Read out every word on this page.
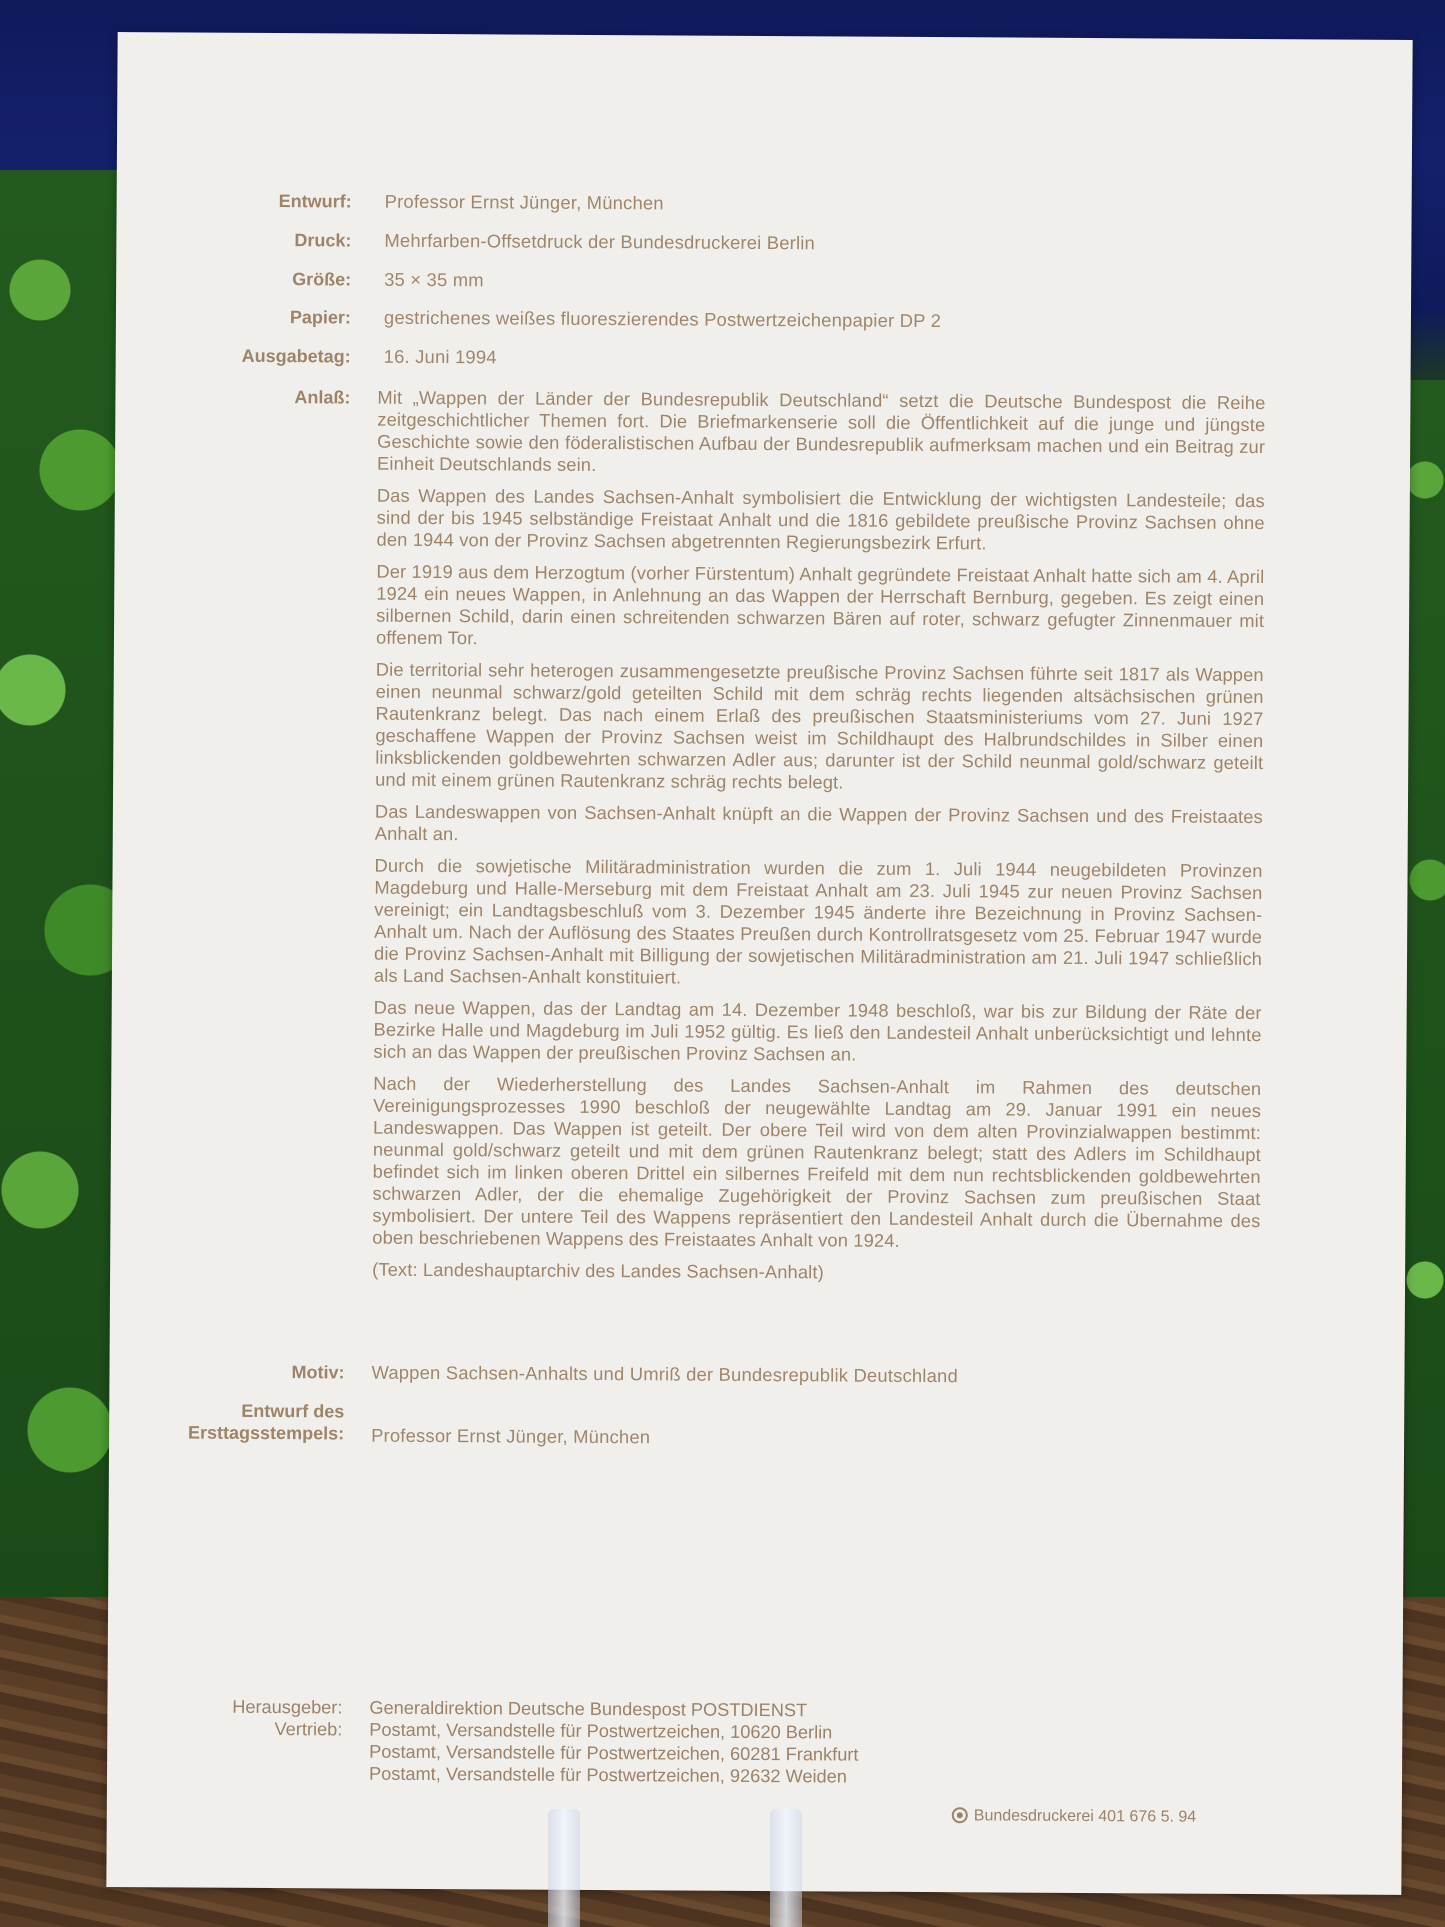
Entwurf: Professor Ernst Jünger, München
Druck: Mehrfarben-Offsetdruck der Bundesdruckerei Berlin
Größe: 35 × 35 mm
Papier: gestrichenes weißes fluoreszierendes Postwertzeichenpapier DP 2
Ausgabetag: 16. Juni 1994
Anlaß: Mit „Wappen der Länder der Bundesrepublik Deutschland“ setzt die Deutsche Bundespost die Reihe zeitgeschichtlicher Themen fort. Die Briefmarkenserie soll die Öffentlichkeit auf die junge und jüngste Geschichte sowie den föderalistischen Aufbau der Bundesrepublik aufmerksam machen und ein Beitrag zur Einheit Deutschlands sein.

Das Wappen des Landes Sachsen-Anhalt symbolisiert die Entwicklung der wichtigsten Landesteile; das sind der bis 1945 selbständige Freistaat Anhalt und die 1816 gebildete preußische Provinz Sachsen ohne den 1944 von der Provinz Sachsen abgetrennten Regierungsbezirk Erfurt.

Der 1919 aus dem Herzogtum (vorher Fürstentum) Anhalt gegründete Freistaat Anhalt hatte sich am 4. April 1924 ein neues Wappen, in Anlehnung an das Wappen der Herrschaft Bernburg, gegeben. Es zeigt einen silbernen Schild, darin einen schreitenden schwarzen Bären auf roter, schwarz gefugter Zinnenmauer mit offenem Tor.

Die territorial sehr heterogen zusammengesetzte preußische Provinz Sachsen führte seit 1817 als Wappen einen neunmal schwarz/gold geteilten Schild mit dem schräg rechts liegenden altsächsischen grünen Rautenkranz belegt. Das nach einem Erlaß des preußischen Staatsministeriums vom 27. Juni 1927 geschaffene Wappen der Provinz Sachsen weist im Schildhaupt des Halbrundschildes in Silber einen linksblickenden goldbewehrten schwarzen Adler aus; darunter ist der Schild neunmal gold/schwarz geteilt und mit einem grünen Rautenkranz schräg rechts belegt.

Das Landeswappen von Sachsen-Anhalt knüpft an die Wappen der Provinz Sachsen und des Freistaates Anhalt an.

Durch die sowjetische Militäradministration wurden die zum 1. Juli 1944 neugebildeten Provinzen Magdeburg und Halle-Merseburg mit dem Freistaat Anhalt am 23. Juli 1945 zur neuen Provinz Sachsen vereinigt; ein Landtagsbeschluß vom 3. Dezember 1945 änderte ihre Bezeichnung in Provinz Sachsen-Anhalt um. Nach der Auflösung des Staates Preußen durch Kontrollratsgesetz vom 25. Februar 1947 wurde die Provinz Sachsen-Anhalt mit Billigung der sowjetischen Militäradministration am 21. Juli 1947 schließlich als Land Sachsen-Anhalt konstituiert.

Das neue Wappen, das der Landtag am 14. Dezember 1948 beschloß, war bis zur Bildung der Räte der Bezirke Halle und Magdeburg im Juli 1952 gültig. Es ließ den Landesteil Anhalt unberücksichtigt und lehnte sich an das Wappen der preußischen Provinz Sachsen an.

Nach der Wiederherstellung des Landes Sachsen-Anhalt im Rahmen des deutschen Vereinigungsprozesses 1990 beschloß der neugewählte Landtag am 29. Januar 1991 ein neues Landeswappen. Das Wappen ist geteilt. Der obere Teil wird von dem alten Provinzialwappen bestimmt: neunmal gold/schwarz geteilt und mit dem grünen Rautenkranz belegt; statt des Adlers im Schildhaupt befindet sich im linken oberen Drittel ein silbernes Freifeld mit dem nun rechtsblickenden goldbewehrten schwarzen Adler, der die ehemalige Zugehörigkeit der Provinz Sachsen zum preußischen Staat symbolisiert. Der untere Teil des Wappens repräsentiert den Landesteil Anhalt durch die Übernahme des oben beschriebenen Wappens des Freistaates Anhalt von 1924.

(Text: Landeshauptarchiv des Landes Sachsen-Anhalt)

Motiv: Wappen Sachsen-Anhalts und Umriß der Bundesrepublik Deutschland
Entwurf des
Ersttagsstempels: Professor Ernst Jünger, München
Herausgeber:
Vertrieb:
Generaldirektion Deutsche Bundespost POSTDIENST
Postamt, Versandstelle für Postwertzeichen, 10620 Berlin
Postamt, Versandstelle für Postwertzeichen, 60281 Frankfurt
Postamt, Versandstelle für Postwertzeichen, 92632 Weiden
Bundesdruckerei 401 676 5. 94
